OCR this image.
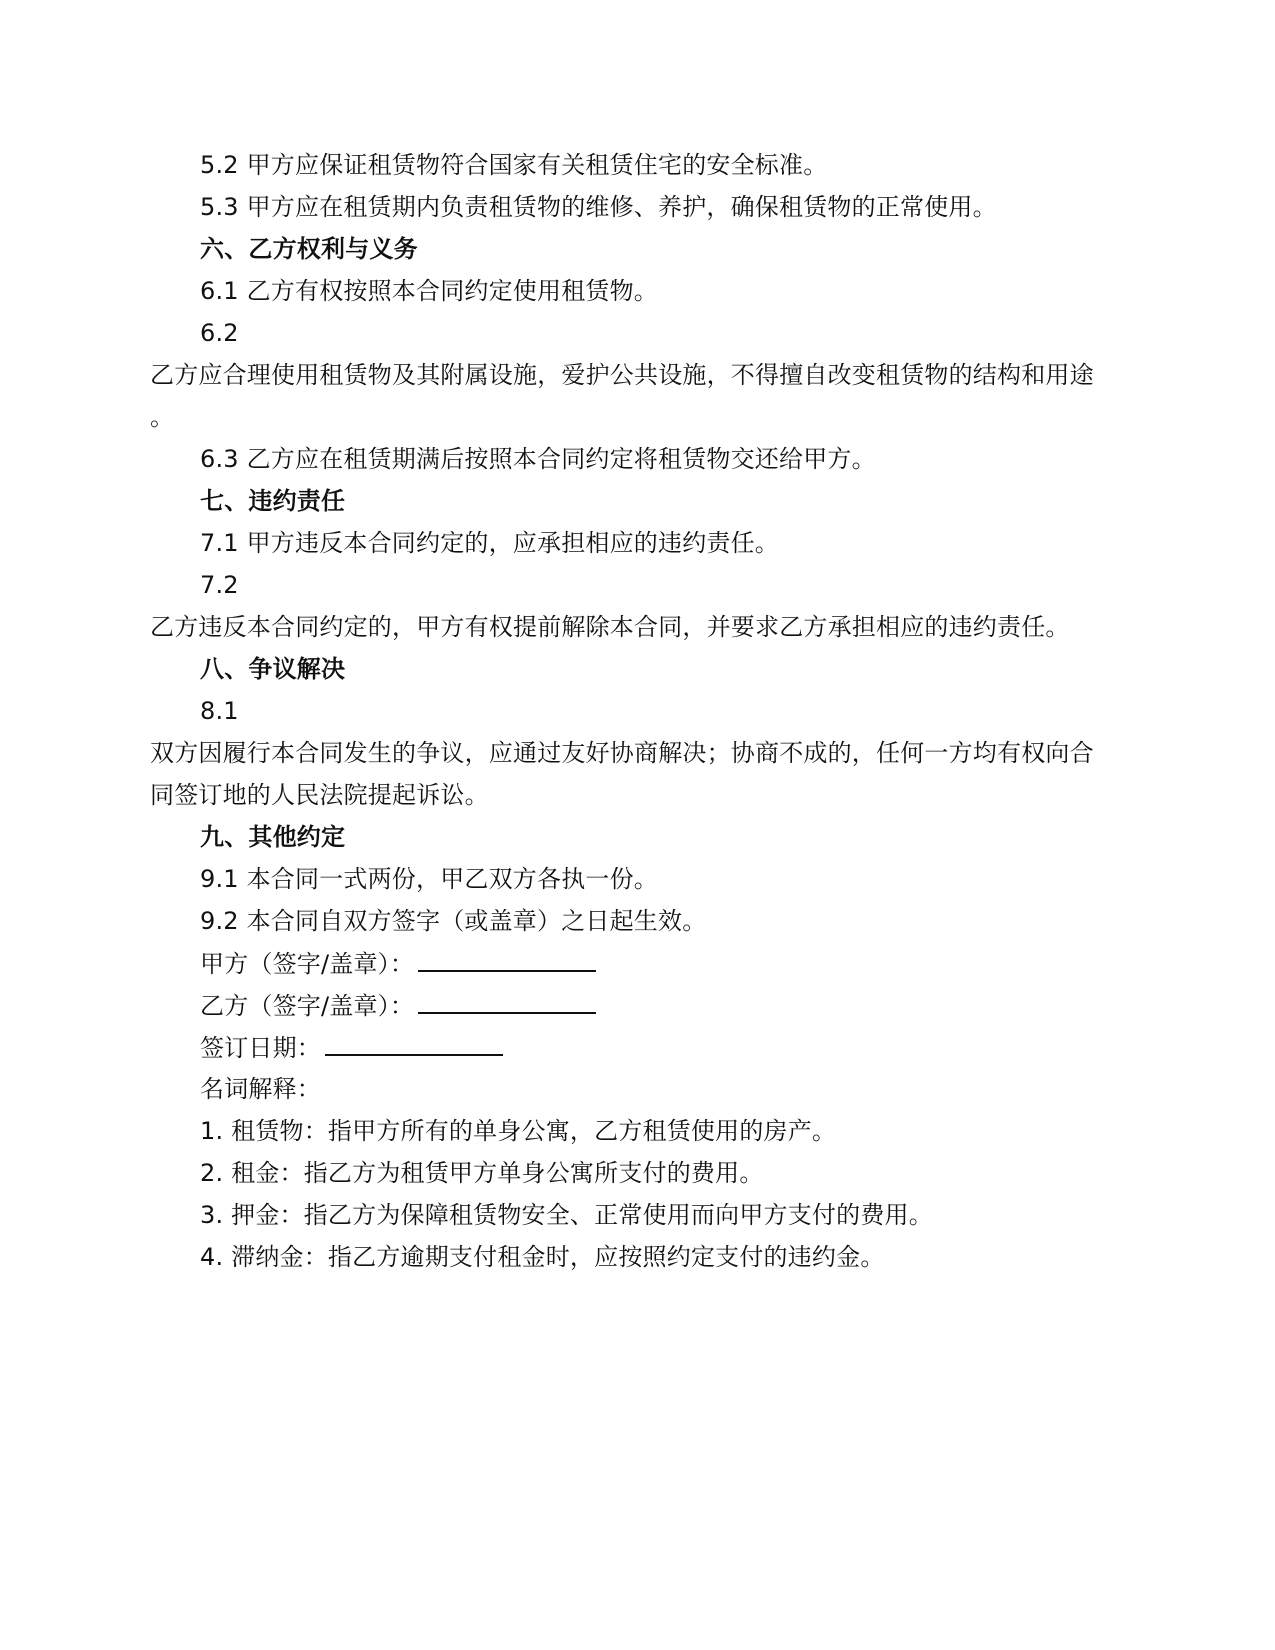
5.2 甲方应保证租赁物符合国家有关租赁住宅的安全标准。
5.3 甲方应在租赁期内负责租赁物的维修、养护，确保租赁物的正常使用。
六、乙方权利与义务
6.1 乙方有权按照本合同约定使用租赁物。
6.2
乙方应合理使用租赁物及其附属设施，爱护公共设施，不得擅自改变租赁物的结构和用途
。
6.3 乙方应在租赁期满后按照本合同约定将租赁物交还给甲方。
七、违约责任
7.1 甲方违反本合同约定的，应承担相应的违约责任。
7.2
乙方违反本合同约定的，甲方有权提前解除本合同，并要求乙方承担相应的违约责任。
八、争议解决
8.1
双方因履行本合同发生的争议，应通过友好协商解决；协商不成的，任何一方均有权向合
同签订地的人民法院提起诉讼。
九、其他约定
9.1 本合同一式两份，甲乙双方各执一份。
9.2 本合同自双方签字（或盖章）之日起生效。
甲方（签字/盖章）：
乙方（签字/盖章）：
签订日期：
名词解释：
1. 租赁物：指甲方所有的单身公寓，乙方租赁使用的房产。
2. 租金：指乙方为租赁甲方单身公寓所支付的费用。
3. 押金：指乙方为保障租赁物安全、正常使用而向甲方支付的费用。
4. 滞纳金：指乙方逾期支付租金时，应按照约定支付的违约金。
